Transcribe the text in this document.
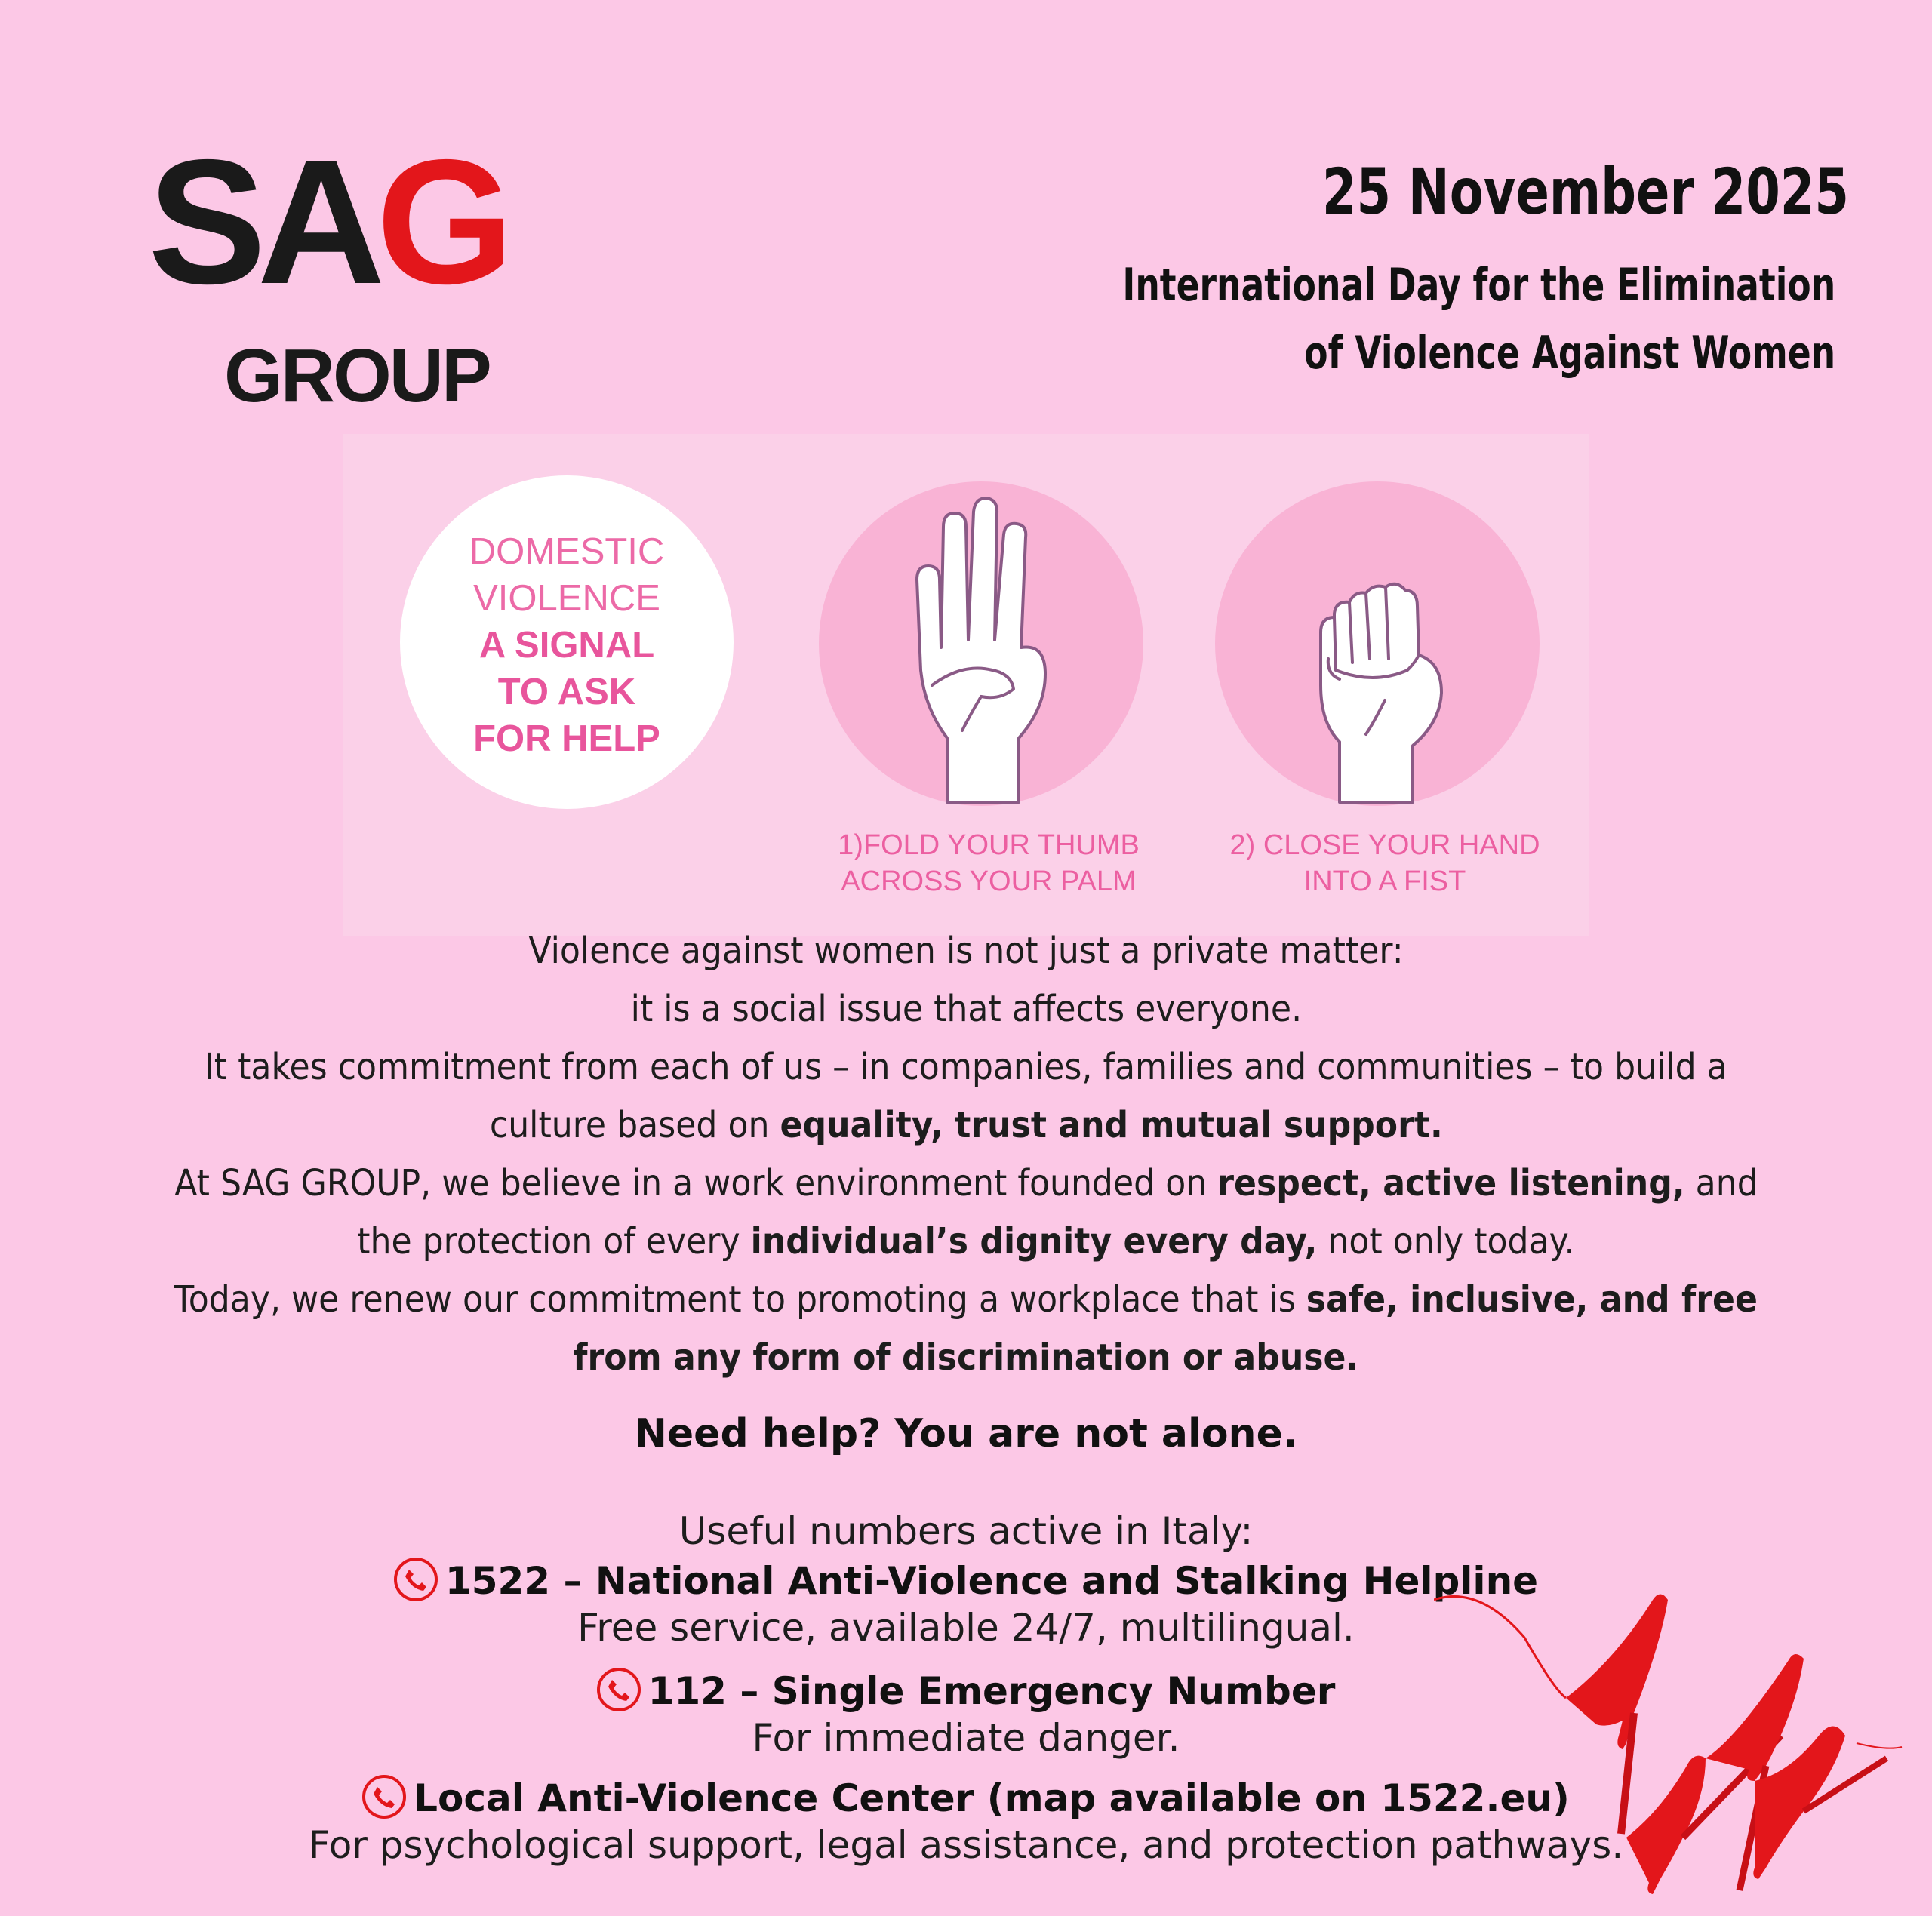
SAG
GROUP
25 November 2025
International Day for the Elimination
of Violence Against Women
DOMESTIC
VIOLENCE
A SIGNAL
TO ASK
FOR HELP
1)FOLD YOUR THUMB
ACROSS YOUR PALM
2) CLOSE YOUR HAND
INTO A FIST
Violence against women is not just a private matter:
it is a social issue that affects everyone.
It takes commitment from each of us – in companies, families and communities – to build a
culture based on equality, trust and mutual support.
At SAG GROUP, we believe in a work environment founded on respect, active listening, and
the protection of every individual’s dignity every day, not only today.
Today, we renew our commitment to promoting a workplace that is safe, inclusive, and free
from any form of discrimination or abuse.
Need help? You are not alone.
Useful numbers active in Italy:
1522 – National Anti-Violence and Stalking Helpline
Free service, available 24/7, multilingual.
112 – Single Emergency Number
For immediate danger.
Local Anti-Violence Center (map available on 1522.eu)
For psychological support, legal assistance, and protection pathways.
